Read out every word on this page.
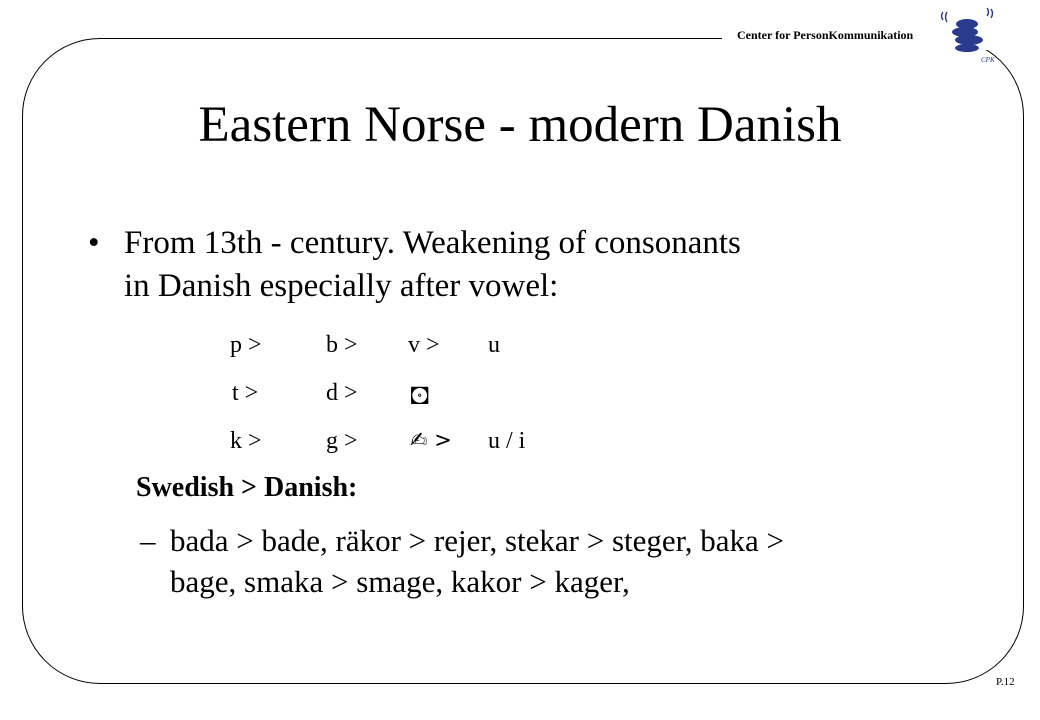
Center for PersonKommunikation
CPK
Eastern Norse - modern Danish
• From 13th - century. Weakening of consonants
in Danish especially after vowel:
p >	b > v > u
t >	d > 🖸
k >	g > ✍ > u / i
Swedish > Danish:
– bada > bade, räkor > rejer, stekar > steger, baka >
bage, smaka > smage, kakor > kager,
P.12
